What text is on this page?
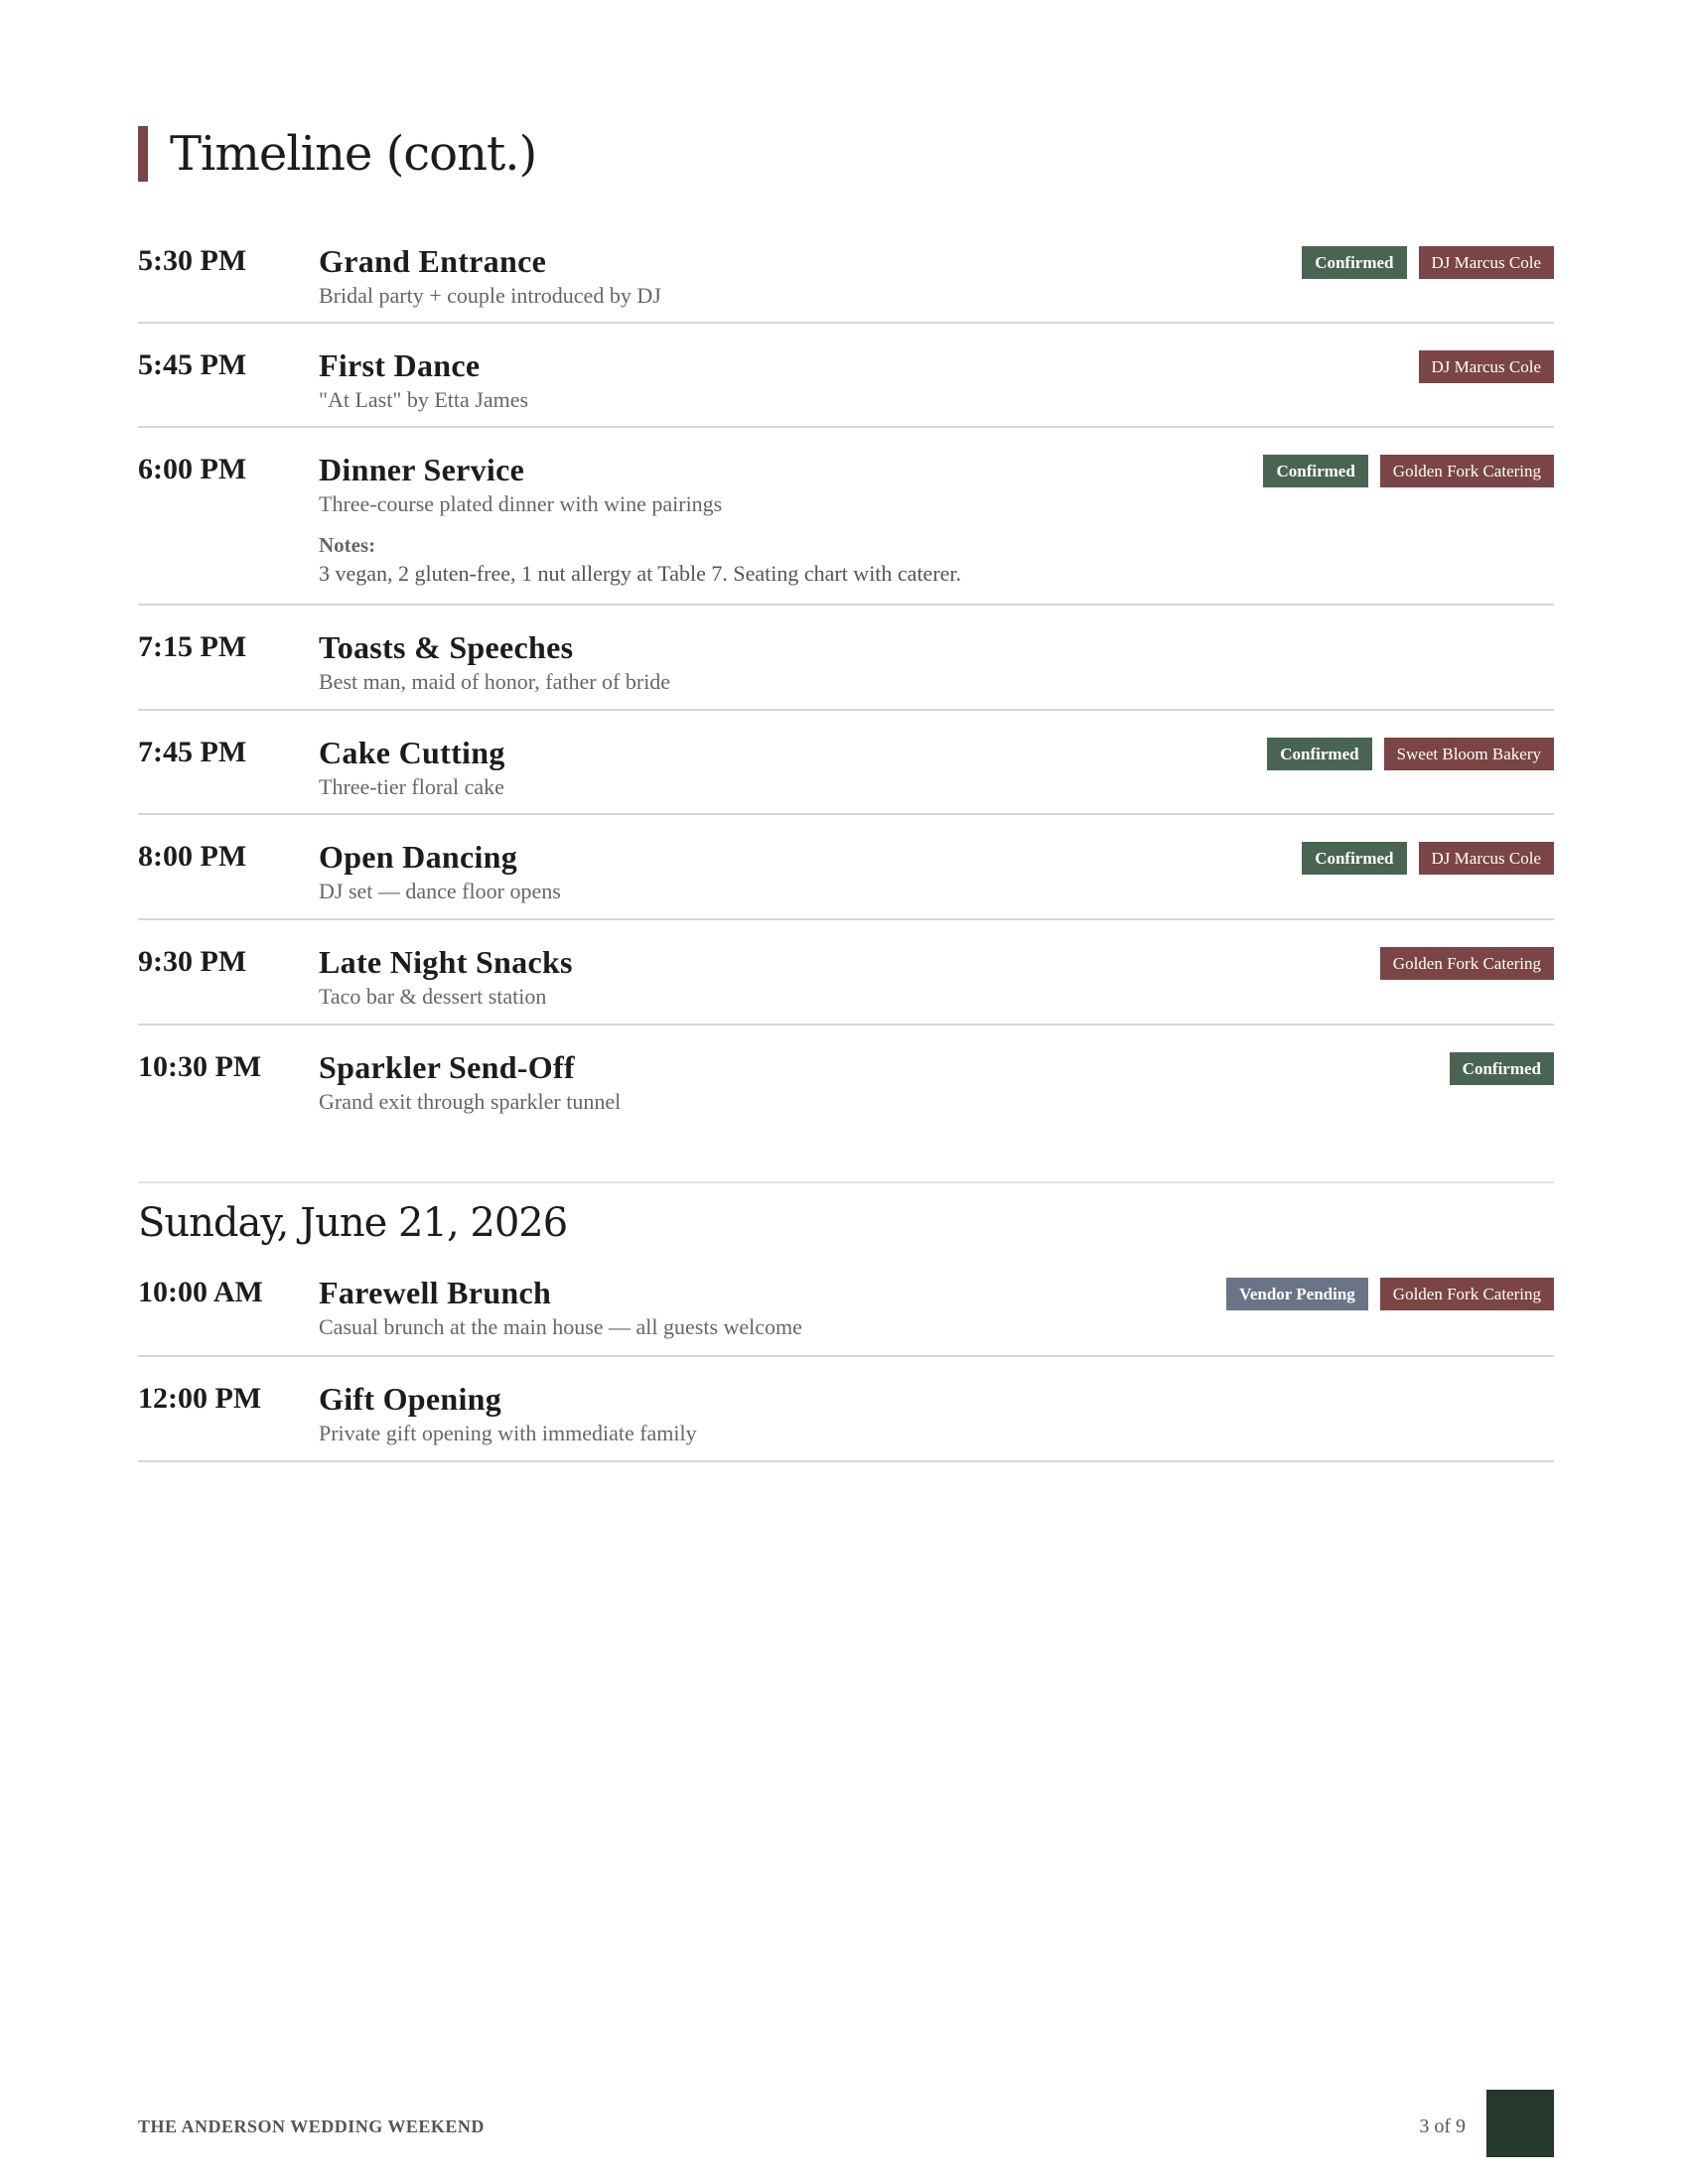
Timeline (cont.)
5:30 PM Grand Entrance
Bridal party + couple introduced by DJ
Confirmed	DJ Marcus Cole
5:45 PM First Dance
"At Last" by Etta James
DJ Marcus Cole
6:00 PM Dinner Service
Three-course plated dinner with wine pairings
Notes:
3 vegan, 2 gluten-free, 1 nut allergy at Table 7. Seating chart with caterer.
Confirmed	Golden Fork Catering
7:15 PM Toasts & Speeches
Best man, maid of honor, father of bride
7:45 PM Cake Cutting
Three-tier floral cake
Confirmed	Sweet Bloom Bakery
8:00 PM Open Dancing
DJ set — dance floor opens
Confirmed	DJ Marcus Cole
9:30 PM Late Night Snacks
Taco bar & dessert station
Golden Fork Catering
10:30 PM Sparkler Send-Off
Grand exit through sparkler tunnel
Confirmed
Sunday, June 21, 2026
10:00 AM Farewell Brunch
Casual brunch at the main house — all guests welcome
Vendor Pending	Golden Fork Catering
12:00 PM Gift Opening
Private gift opening with immediate family
THE ANDERSON WEDDING WEEKEND	3 of 9
